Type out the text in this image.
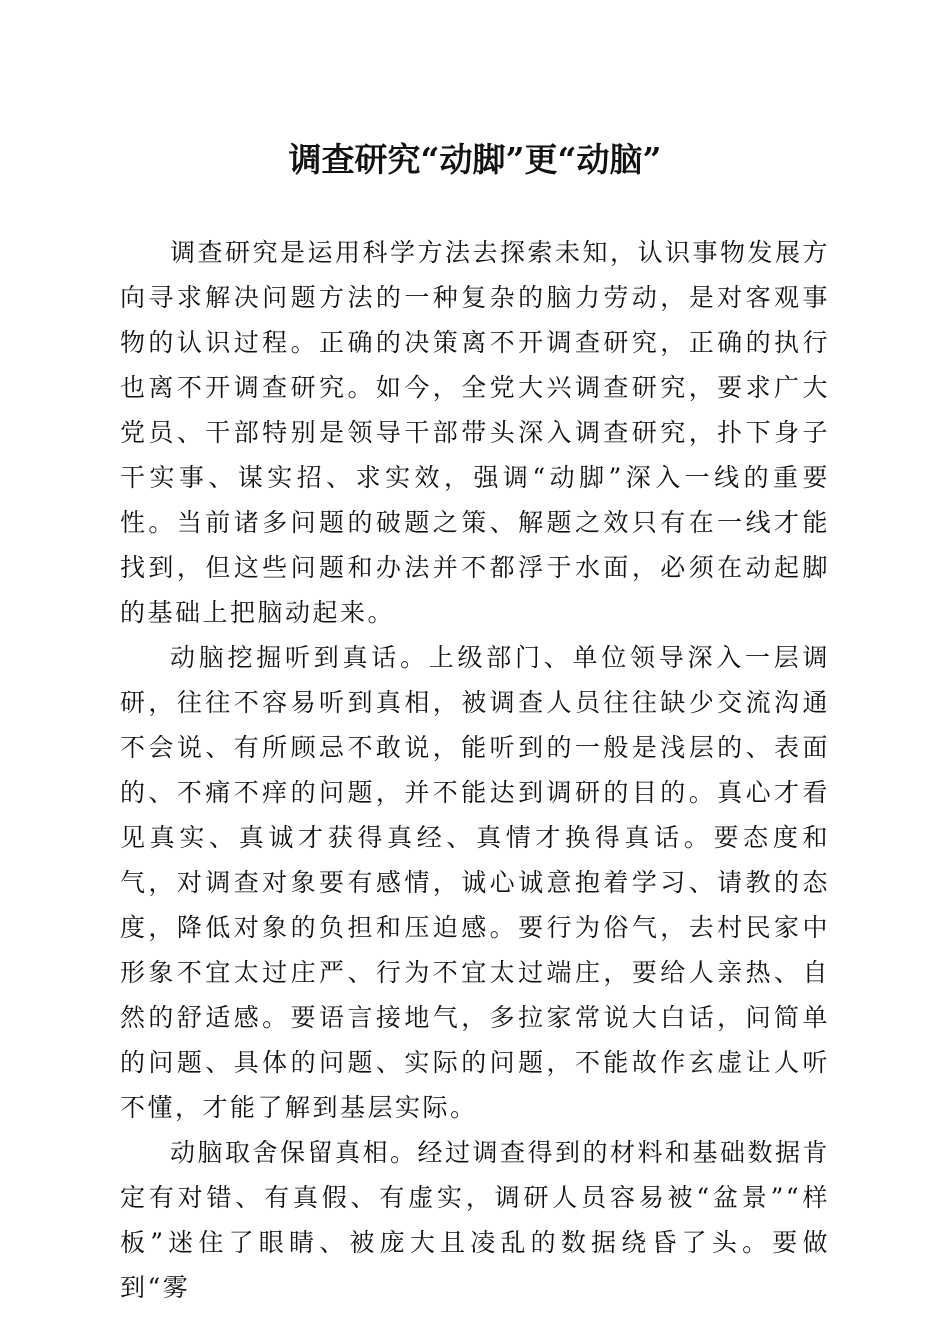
调查研究“动脚”更“动脑”

调查研究是运用科学方法去探索未知，认识事物发展方向寻求解决问题方法的一种复杂的脑力劳动，是对客观事物的认识过程。正确的决策离不开调查研究，正确的执行也离不开调查研究。如今，全党大兴调查研究，要求广大党员、干部特别是领导干部带头深入调查研究，扑下身子干实事、谋实招、求实效，强调“动脚”深入一线的重要性。当前诸多问题的破题之策、解题之效只有在一线才能找到，但这些问题和办法并不都浮于水面，必须在动起脚的基础上把脑动起来。

动脑挖掘听到真话。上级部门、单位领导深入一层调研，往往不容易听到真相，被调查人员往往缺少交流沟通不会说、有所顾忌不敢说，能听到的一般是浅层的、表面的、不痛不痒的问题，并不能达到调研的目的。真心才看见真实、真诚才获得真经、真情才换得真话。要态度和气，对调查对象要有感情，诚心诚意抱着学习、请教的态度，降低对象的负担和压迫感。要行为俗气，去村民家中形象不宜太过庄严、行为不宜太过端庄，要给人亲热、自然的舒适感。要语言接地气，多拉家常说大白话，问简单的问题、具体的问题、实际的问题，不能故作玄虚让人听不懂，才能了解到基层实际。

动脑取舍保留真相。经过调查得到的材料和基础数据肯定有对错、有真假、有虚实，调研人员容易被“盆景”“样板”迷住了眼睛、被庞大且凌乱的数据绕昏了头。要做到“雾
